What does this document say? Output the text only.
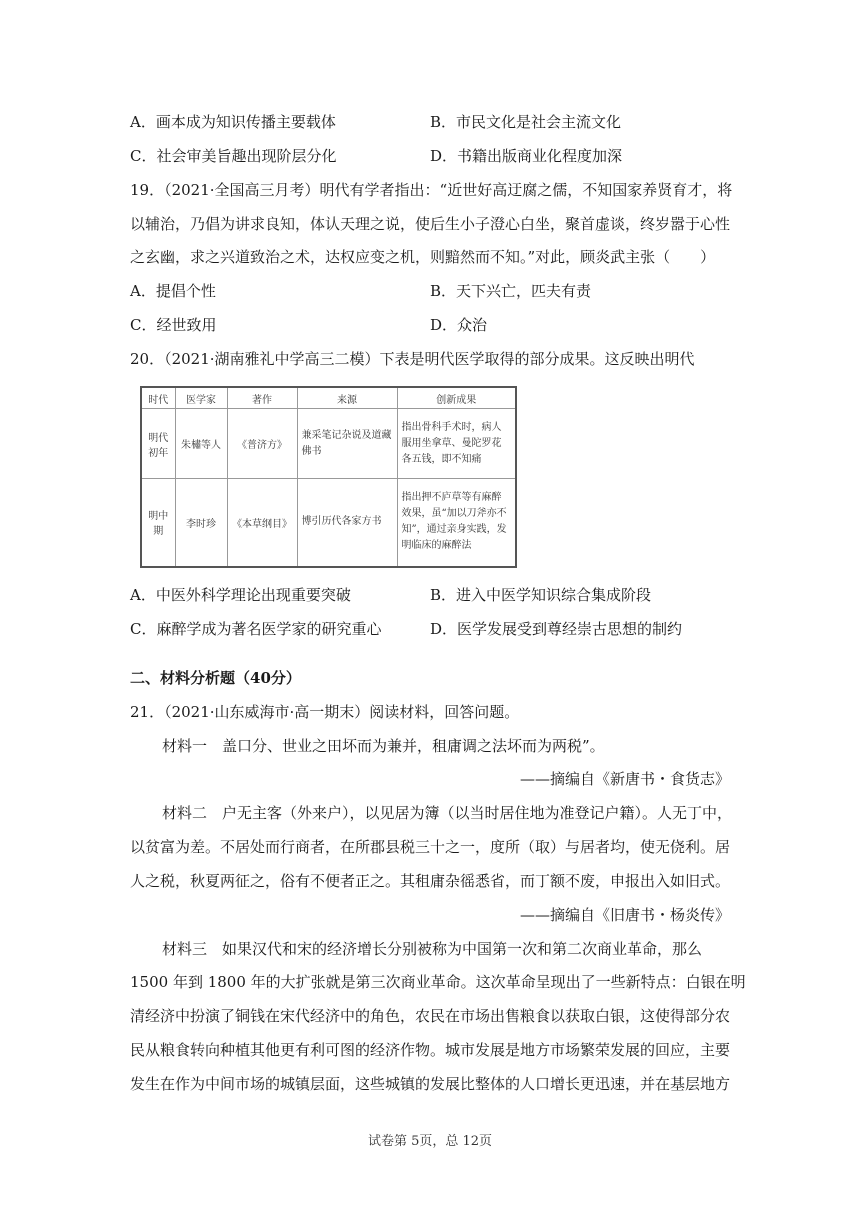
A．画本成为知识传播主要载体	B．市民文化是社会主流文化
C．社会审美旨趣出现阶层分化	D．书籍出版商业化程度加深
19．（2021·全国高三月考）明代有学者指出：“近世好高迂腐之儒，不知国家养贤育才，将
以辅治，乃倡为讲求良知，体认天理之说，使后生小子澄心白坐，聚首虚谈，终岁嚣于心性
之玄幽，求之兴道致治之术，达权应变之机，则黯然而不知。”对此，顾炎武主张（　　）
A．提倡个性	B．天下兴亡，匹夫有责
C．经世致用	D．众治
20．（2021·湖南雅礼中学高三二模）下表是明代医学取得的部分成果。这反映出明代
时代	医学家	著作	来源	创新成果
明代初年	朱橚等人	《普济方》	兼采笔记杂说及道藏佛书	指出骨科手术时，病人服用坐拿草、曼陀罗花各五钱，即不知痛
明中期	李时珍	《本草纲目》	博引历代各家方书	指出押不庐草等有麻醉效果，虽“加以刀斧亦不知”，通过亲身实践，发明临床的麻醉法
A．中医外科学理论出现重要突破	B．进入中医学知识综合集成阶段
C．麻醉学成为著名医学家的研究重心	D．医学发展受到尊经崇古思想的制约
二、材料分析题（40分）
21．（2021·山东威海市·高一期末）阅读材料，回答问题。
材料一　盖口分、世业之田坏而为兼并，租庸调之法坏而为两税”。
——摘编自《新唐书・食货志》
材料二　户无主客（外来户），以见居为簿（以当时居住地为准登记户籍）。人无丁中，
以贫富为差。不居处而行商者，在所郡县税三十之一，度所（取）与居者均，使无侥利。居
人之税，秋夏两征之，俗有不便者正之。其租庸杂徭悉省，而丁额不废，申报出入如旧式。
——摘编自《旧唐书・杨炎传》
材料三　如果汉代和宋的经济增长分别被称为中国第一次和第二次商业革命，那么
1500 年到 1800 年的大扩张就是第三次商业革命。这次革命呈现出了一些新特点：白银在明
清经济中扮演了铜钱在宋代经济中的角色，农民在市场出售粮食以获取白银，这使得部分农
民从粮食转向种植其他更有利可图的经济作物。城市发展是地方市场繁荣发展的回应，主要
发生在作为中间市场的城镇层面，这些城镇的发展比整体的人口增长更迅速，并在基层地方
试卷第 5页，总 12页
